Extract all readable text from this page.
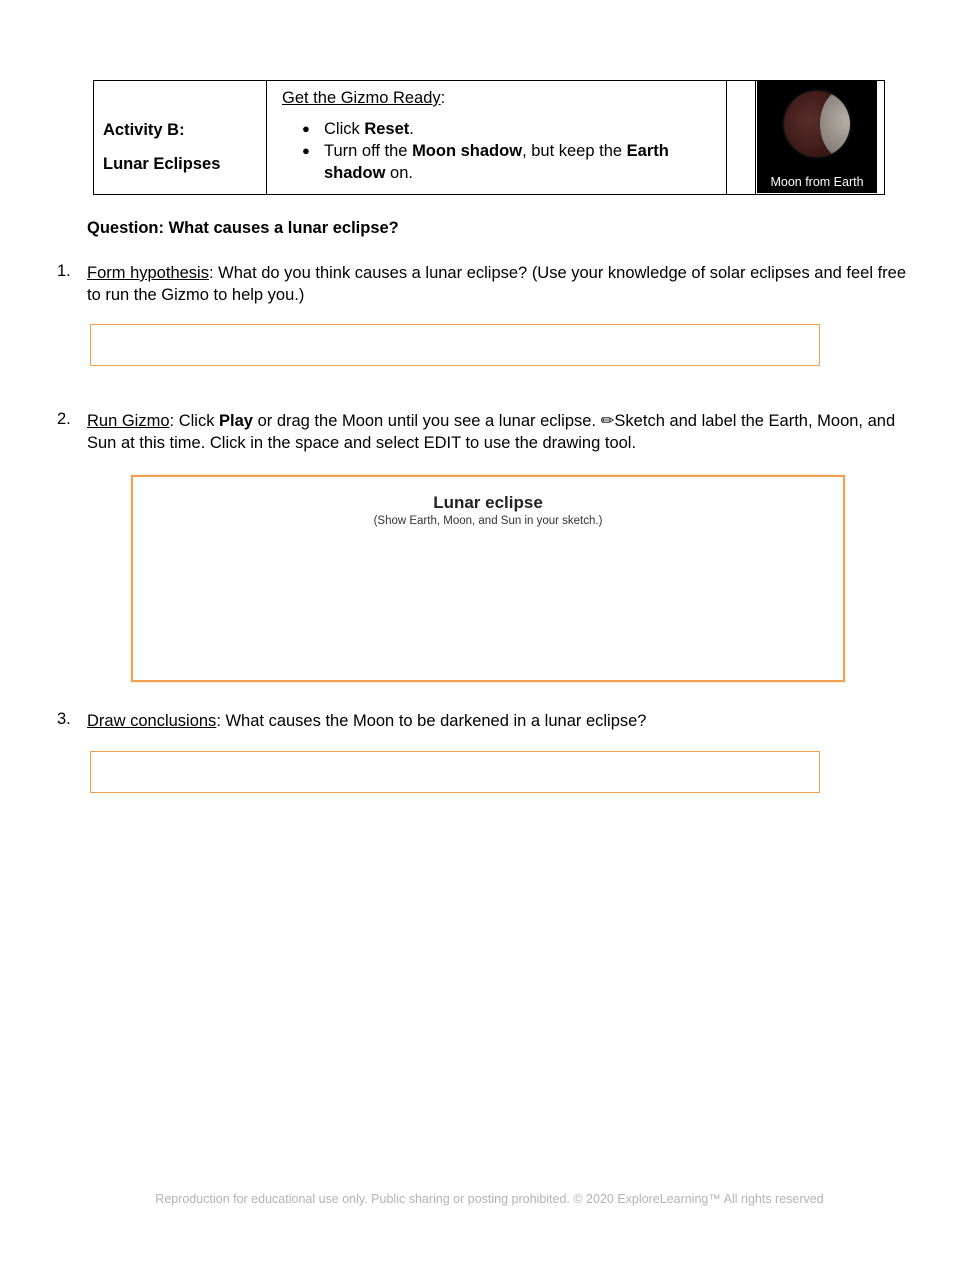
Activity B:
Lunar Eclipses
Get the Gizmo Ready:
● Click Reset.
● Turn off the Moon shadow, but keep the Earth shadow on.	Moon from Earth
Question: What causes a lunar eclipse?
1. Form hypothesis: What do you think causes a lunar eclipse? (Use your knowledge of solar eclipses and feel free to run the Gizmo to help you.)
2. Run Gizmo: Click Play or drag the Moon until you see a lunar eclipse. ✏Sketch and label the Earth, Moon, and Sun at this time. Click in the space and select EDIT to use the drawing tool.
Lunar eclipse
(Show Earth, Moon, and Sun in your sketch.)
3. Draw conclusions: What causes the Moon to be darkened in a lunar eclipse?
Reproduction for educational use only. Public sharing or posting prohibited. © 2020 ExploreLearning™ All rights reserved
